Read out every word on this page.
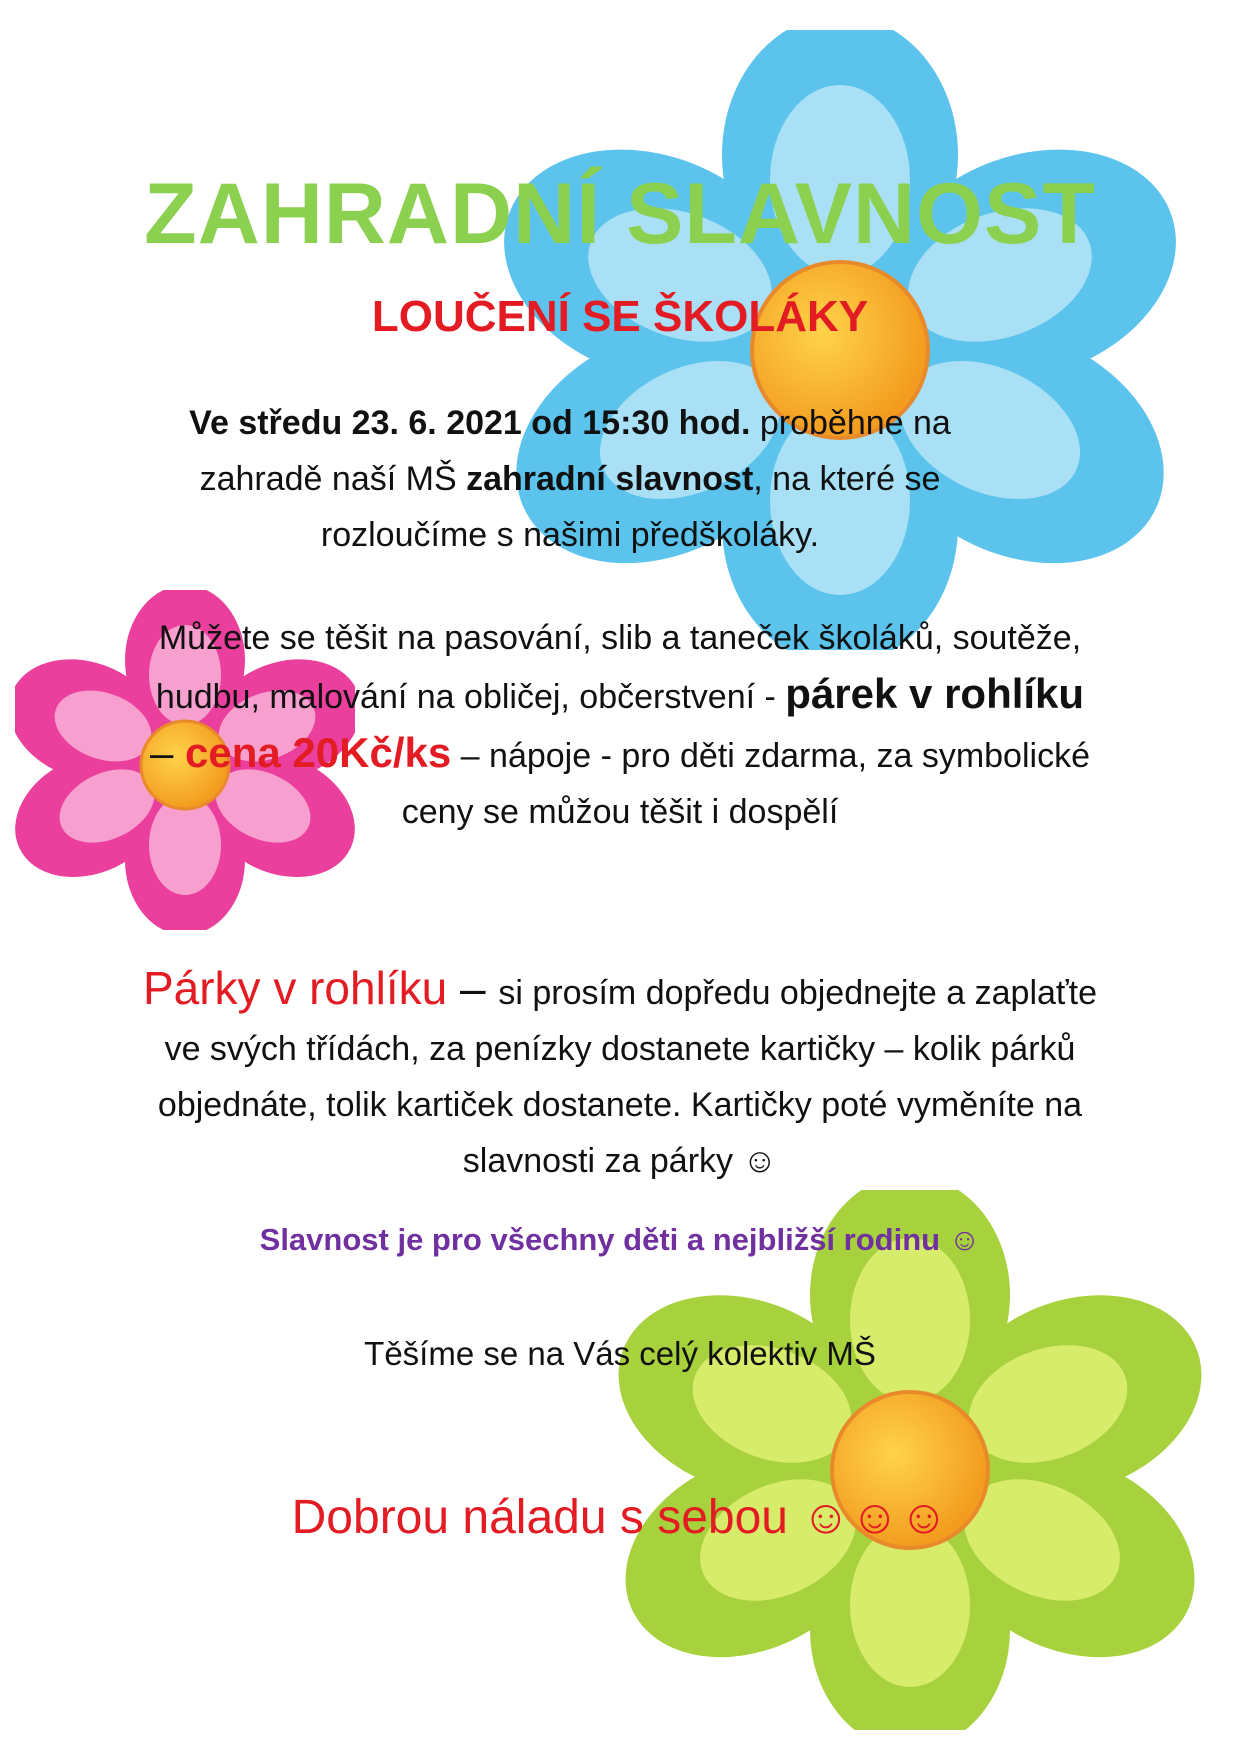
ZAHRADNÍ SLAVNOST
LOUČENÍ SE ŠKOLÁKY

Ve středu 23. 6. 2021 od 15:30 hod. proběhne na zahradě naší MŠ zahradní slavnost, na které se rozloučíme s našimi předškoláky.

Můžete se těšit na pasování, slib a taneček školáků, soutěže, hudbu, malování na obličej, občerstvení - párek v rohlíku – cena 20Kč/ks – nápoje - pro děti zdarma, za symbolické ceny se můžou těšit i dospělí

Párky v rohlíku – si prosím dopředu objednejte a zaplaťte ve svých třídách, za penízky dostanete kartičky – kolik párků objednáte, tolik kartiček dostanete. Kartičky poté vyměníte na slavnosti za párky ☺

Slavnost je pro všechny děti a nejbližší rodinu ☺

Těšíme se na Vás celý kolektiv MŠ

Dobrou náladu s sebou ☺☺☺
